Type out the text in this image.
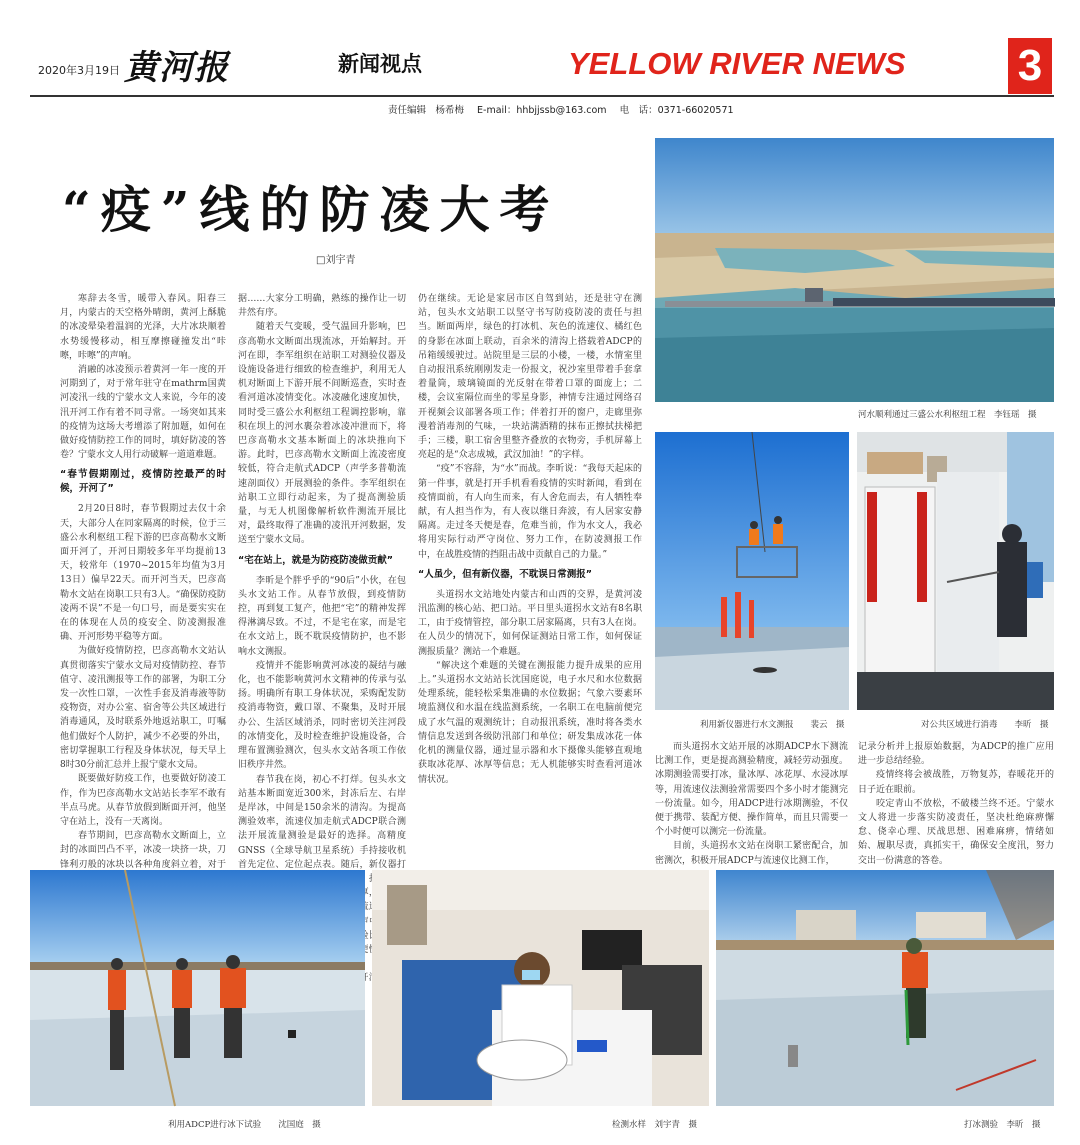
2020年3月19日 黄河报	新闻视点	YELLOW RIVER NEWS	3
责任编辑　杨希梅 E-mail：hhbjjssb@163.com 电　话：0371-66020571
“疫”线的防凌大考
□刘宇青
河水顺利通过三盛公水利枢纽工程　 李钰瑶　摄
利用新仪器进行水文测报　　 裴云　摄	对公共区域进行消毒　　 李昕　摄

寒辞去冬雪，暖带入春风。阳春三月，内蒙古的天空格外晴朗，黄河上酥脆的冰凌晕染着温润的光泽，大片冰块顺着水势缓慢移动，相互摩擦碰撞发出“咔嚓，咔嚓”的声响。

消融的冰凌预示着黄河一年一度的开河期到了，对于常年驻守在mathrm国黄河凌汛一线的宁蒙水文人来说，今年的凌汛开河工作有着不同寻常。一场突如其来的疫情为这场大考增添了附加题，如何在做好疫情防控工作的同时，填好防凌的答卷？宁蒙水文人用行动破解一道道难题。

“春节假期刚过，疫情防控最严的时候，开河了”

2月20日8时，春节假期过去仅十余天，大部分人在同家隔离的时候，位于三盛公水利枢纽工程下游的巴彦高勒水文断面开河了，开河日期较多年平均提前13天，较常年（1970~2015年均值为3月13日）偏早22天。而开河当天，巴彦高勒水文站在岗职工只有3人。“确保防疫防凌两不误”不是一句口号，而是要实实在在的体现在人员的疫安全、防凌测报准确、开河形势平稳等方面。

为做好疫情防控，巴彦高勒水文站认真贯彻落实宁蒙水文局对疫情防控、春节值守、凌汛测报等工作的部署，为职工分发一次性口罩，一次性手套及消毒液等防疫物资，对办公室、宿舍等公共区域进行消毒通风，及时联系外地返站职工，叮嘱他们做好个人防护，减少不必要的外出，密切掌握职工行程及身体状况，每天早上8时30分前汇总并上报宁蒙水文局。

既要做好防疫工作，也要做好防凌工作，作为巴彦高勒水文站站长李军不敢有半点马虎。从春节放假到断面开河，他坚守在站上，没有一天离岗。

春节期间，巴彦高勒水文断面上，立封的冰面凹凸不平，冰凌一块挤一块，刀锋利刃般的冰块以各种角度斜立着，对于

据……大家分工明确，熟练的操作让一切井然有序。

随着天气变暖，受气温回升影响，巴彦高勒水文断面出现流冰，开始解封。开河在即，李军组织在站职工对测验仪器及设施设备进行细致的检查维护，利用无人机对断面上下游开展不间断巡查，实时查看河道冰凌情变化。冰凌融化速度加快，同时受三盛公水利枢纽工程调控影响，靠积在坝上的河水裹杂着冰凌冲泄而下，将巴彦高勒水文基本断面上的冰块推向下游。此时，巴彦高勒水文断面上流凌密度较低，符合走航式ADCP（声学多普勒流速剖面仪）开展测验的条件。李军组织在站职工立即行动起来，为了提高测验质量，与无人机图像解析软件测流开展比对，最终取得了准确的凌汛开河数据，发送至宁蒙水文局。

“宅在站上，就是为防疫防凌做贡献”

李昕是个胖乎乎的“90后”小伙，在包头水文站工作。从春节放假，到疫情防控，再到复工复产，他把“宅”的精神发挥得淋漓尽致。不过，不是宅在家，而是宅在水文站上，既不耽误疫情防护，也不影响水文测报。

疫情并不能影响黄河冰凌的凝结与融化，也不能影响黄河水文精神的传承与弘扬。明确所有职工身体状况，采购配发防疫消毒物资，戴口罩、不聚集，及时开展办公、生活区域消杀，同时密切关注河段的冰情变化，及时检查维护设施设备，合理布置测验测次，包头水文站各项工作依旧秩序井然。

春节我在岗，初心不打烊。包头水文站基本断面宽近300米，封冻后左、右岸是岸冰，中间是150余米的清沟。为提高测验效率，流速仪加走航式ADCP联合测法开展流量测验是最好的选择。高精度GNSS（全球导航卫星系统）手持接收机首先定位、定位起点表。随后，新仪器打 ，打 冰厚，一 流速 验比 便快

仍在继续。无论是家居市区自驾到站，还是驻守在测站，包头水文站职工以坚守书写防疫防凌的责任与担当。断面两岸，绿色的打冰机、灰色的流速仪、橘红色的身影在冰面上联动，百余米的清沟上搭载着ADCP的吊箱缓缓驶过。站院里是三层的小楼，一楼，水情室里自动报汛系统刚刚发走一份报文，祝沙室里带着手套拿着量筒，玻璃镜面的光反射在带着口罩的面庞上；二楼，会议室隔位而坐的零星身影，神情专注通过网络召开视频会议部署各项工作；伴着打开的窗户，走廊里弥漫着消毒剂的气味，一块站满酒精的抹布正擦拭扶梯把手；三楼，职工宿舍里整齐叠放的衣物旁，手机屏幕上亮起的是“众志成城，武汉加油！”的字样。

“疫”不容辞，为“水”而战。李昕说：“我每天起床的第一件事，就是打开手机看看疫情的实时新闻，看到在疫情面前，有人向生而来，有人舍危而去，有人牺牲奉献，有人担当作为，有人夜以继日奔波，有人居家安静隔离。走过冬天便是春，危难当前，作为水文人，我必将用实际行动严守岗位、努力工作，在防凌测报工作中，在战胜疫情的挡阻击战中贡献自己的力量。”

“人虽少，但有新仪器，不耽误日常测报”

头道拐水文站地处内蒙古和山西的交界，是黄河凌汛监测的核心站、把口站。平日里头道拐水文站有8名职工，由于疫情管控，部分职工居家隔离，只有3人在岗。在人员少的情况下，如何保证测站日常工作，如何保证测报质量？测站一个难题。

“解决这个难题的关键在测报能力提升成果的应用上。”头道拐水文站站长沈国庭说，电子水尺和水位数据处理系统，能轻松采集准确的水位数据；气象六要素环境监测仪和水温在线监测系统，一名职工在电脑前便完成了水气温的观测统计；自动报汛系统，准时将各类水情信息发送到各级防汛部门和单位；研发集成冰花一体化机的测量仪器，通过显示器和水下摄像头能够直观地获取冰花厚、冰厚等信息；无人机能够实时查看河道冰情状况。

而头道拐水文站开展的冰期ADCP水下测流比测工作，更是提高测验精度，减轻劳动强度。冰期测验需要打冰，量冰厚、冰花厚、水浸冰厚等，用流速仪法测验常需要四个多小时才能测完一份流量。如今，用ADCP进行冰期测验，不仅便于携带、装配方便、操作简单，而且只需要一个小时便可以测完一份流量。

目前，头道拐水文站在岗职工紧密配合，加密测次，积极开展ADCP与流速仪比测工作，

记录分析并上报原始数据，为ADCP的推广应用进一步总结经验。

疫情终将会被战胜，万物复苏，春暖花开的日子近在眼前。

咬定青山不放松，不破楼兰终不还。宁蒙水文人将进一步落实防凌责任，坚决杜绝麻痹懈怠、侥幸心理、厌战思想、困难麻痹，情绪如始、履职尽责，真抓实干，确保安全度汛，努力交出一份满意的答卷。

利用ADCP进行冰下试验　　 沈国庭　摄	检测水样　 刘宇青　摄	打冰测验　 李昕　摄
